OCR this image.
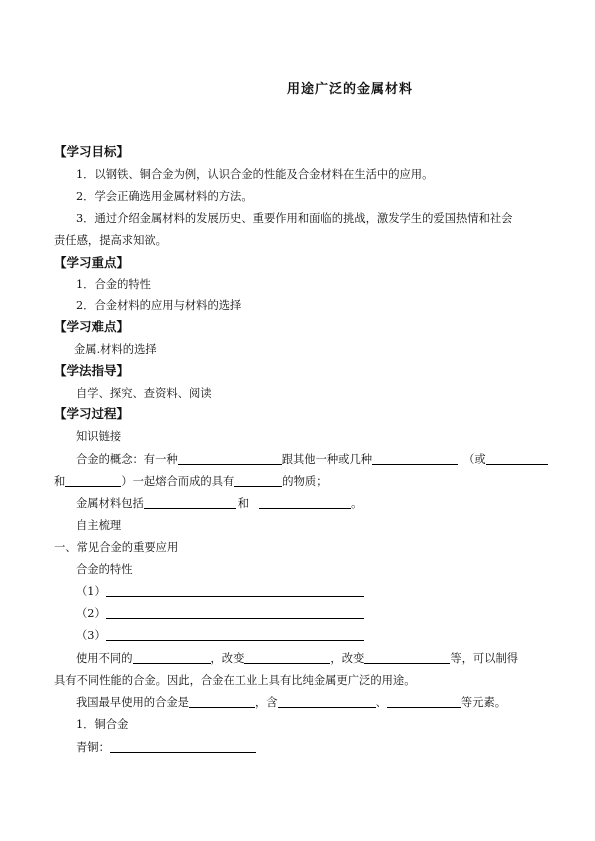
用途广泛的金属材料
【学习目标】
1．以钢铁、铜合金为例，认识合金的性能及合金材料在生活中的应用。
2．学会正确选用金属材料的方法。
3．通过介绍金属材料的发展历史、重要作用和面临的挑战，激发学生的爱国热情和社会
责任感，提高求知欲。
【学习重点】
1．合金的特性
2．合金材料的应用与材料的选择
【学习难点】
金属.材料的选择
【学法指导】
自学、探究、查资料、阅读
【学习过程】
知识链接
合金的概念：有一种	跟其他一种或几种	（或
和	）一起熔合而成的具有	的物质；
金属材料包括	和	。
自主梳理
一、常见合金的重要应用
合金的特性
（1）
（2）
（3）
使用不同的	，改变	，改变	等，可以制得
具有不同性能的合金。因此，合金在工业上具有比纯金属更广泛的用途。
我国最早使用的合金是	，含	、	等元素。
1．铜合金
青铜：
